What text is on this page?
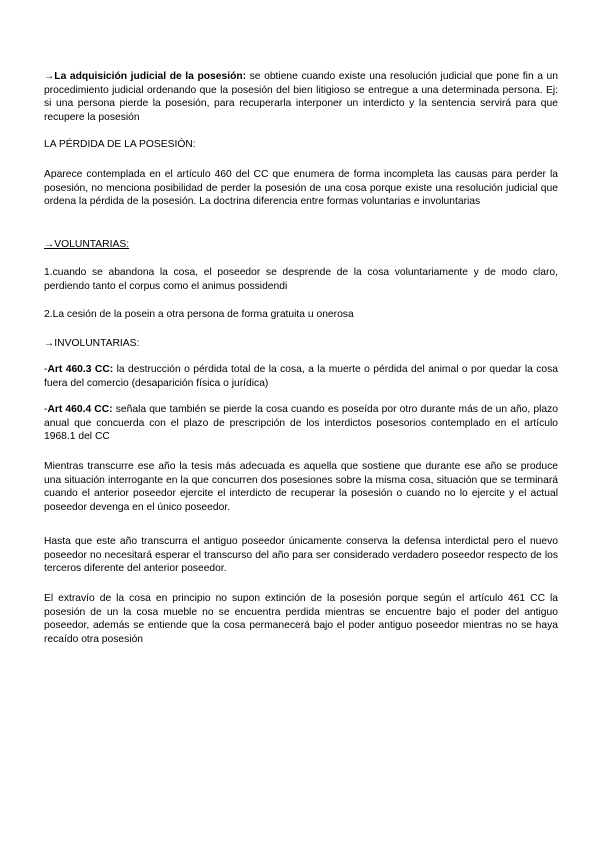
→La adquisición judicial de la posesión: se obtiene cuando existe una resolución judicial que pone fin a un procedimiento judicial ordenando que la posesión del bien litigioso se entregue a una determinada persona. Ej: si una persona pierde la posesión, para recuperarla interponer un interdicto y la sentencia servirá para que recupere la posesión

LA PÉRDIDA DE LA POSESIÓN:

Aparece contemplada en el artículo 460 del CC que enumera de forma incompleta las causas para perder la posesión, no menciona posibilidad de perder la posesión de una cosa porque existe una resolución judicial que ordena la pérdida de la posesión. La doctrina diferencia entre formas voluntarias e involuntarias

→VOLUNTARIAS:

1.cuando se abandona la cosa, el poseedor se desprende de la cosa voluntariamente y de modo claro, perdiendo tanto el corpus como el animus possidendi

2.La cesión de la posein a otra persona de forma gratuita u onerosa

→INVOLUNTARIAS:

-Art 460.3 CC: la destrucción o pérdida total de la cosa, a la muerte o pérdida del animal o por quedar la cosa fuera del comercio (desaparición física o jurídica)

-Art 460.4 CC: señala que también se pierde la cosa cuando es poseída por otro durante más de un año, plazo anual que concuerda con el plazo de prescripción de los interdictos posesorios contemplado en el artículo 1968.1 del CC

Mientras transcurre ese año la tesis más adecuada es aquella que sostiene que durante ese año se produce una situación interrogante en la que concurren dos posesiones sobre la misma cosa, situación que se terminará cuando el anterior poseedor ejercite el interdicto de recuperar la posesión o cuando no lo ejercite y el actual poseedor devenga en el único poseedor.

Hasta que este año transcurra el antiguo poseedor únicamente conserva la defensa interdictal pero el nuevo poseedor no necesitará esperar el transcurso del año para ser considerado verdadero poseedor respecto de los terceros diferente del anterior poseedor.

El extravío de la cosa en principio no supon extinción de la posesión porque según el artículo 461 CC la posesión de un la cosa mueble no se encuentra perdida mientras se encuentre bajo el poder del antiguo poseedor, además se entiende que la cosa permanecerá bajo el poder antiguo poseedor mientras no se haya recaído otra posesión
